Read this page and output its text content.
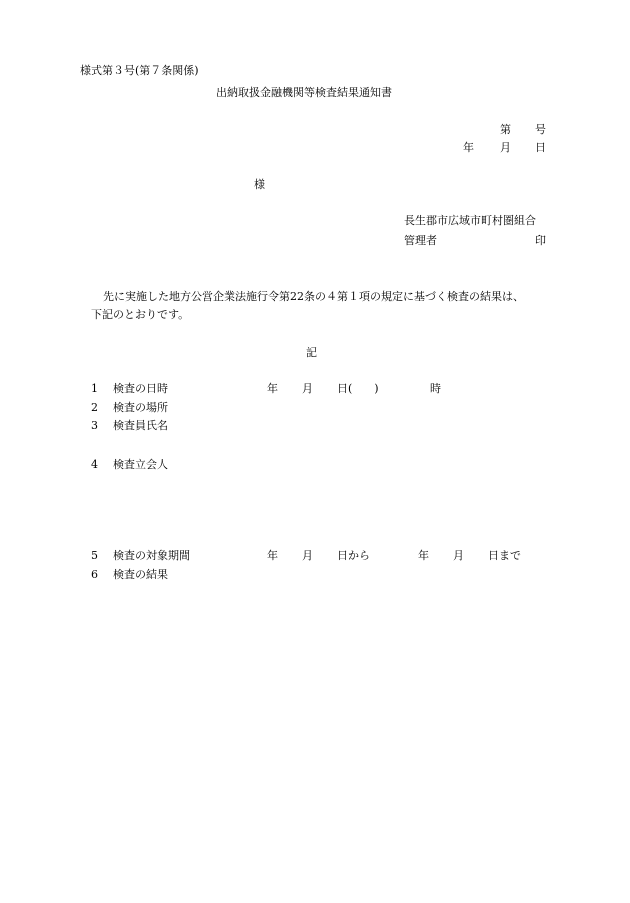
様式第３号(第７条関係)
出納取扱金融機関等検査結果通知書
第 号
年 月 日
様
長生郡市広域市町村圏組合
管理者	印
先に実施した地方公営企業法施行令第22条の４第１項の規定に基づく検査の結果は、
下記のとおりです。
記
1 検査の日時	年 月 日(　　)	時
2 検査の場所
3 検査員氏名
4 検査立会人
5 検査の対象期間	年 月 日から	年 月 日まで
6 検査の結果
